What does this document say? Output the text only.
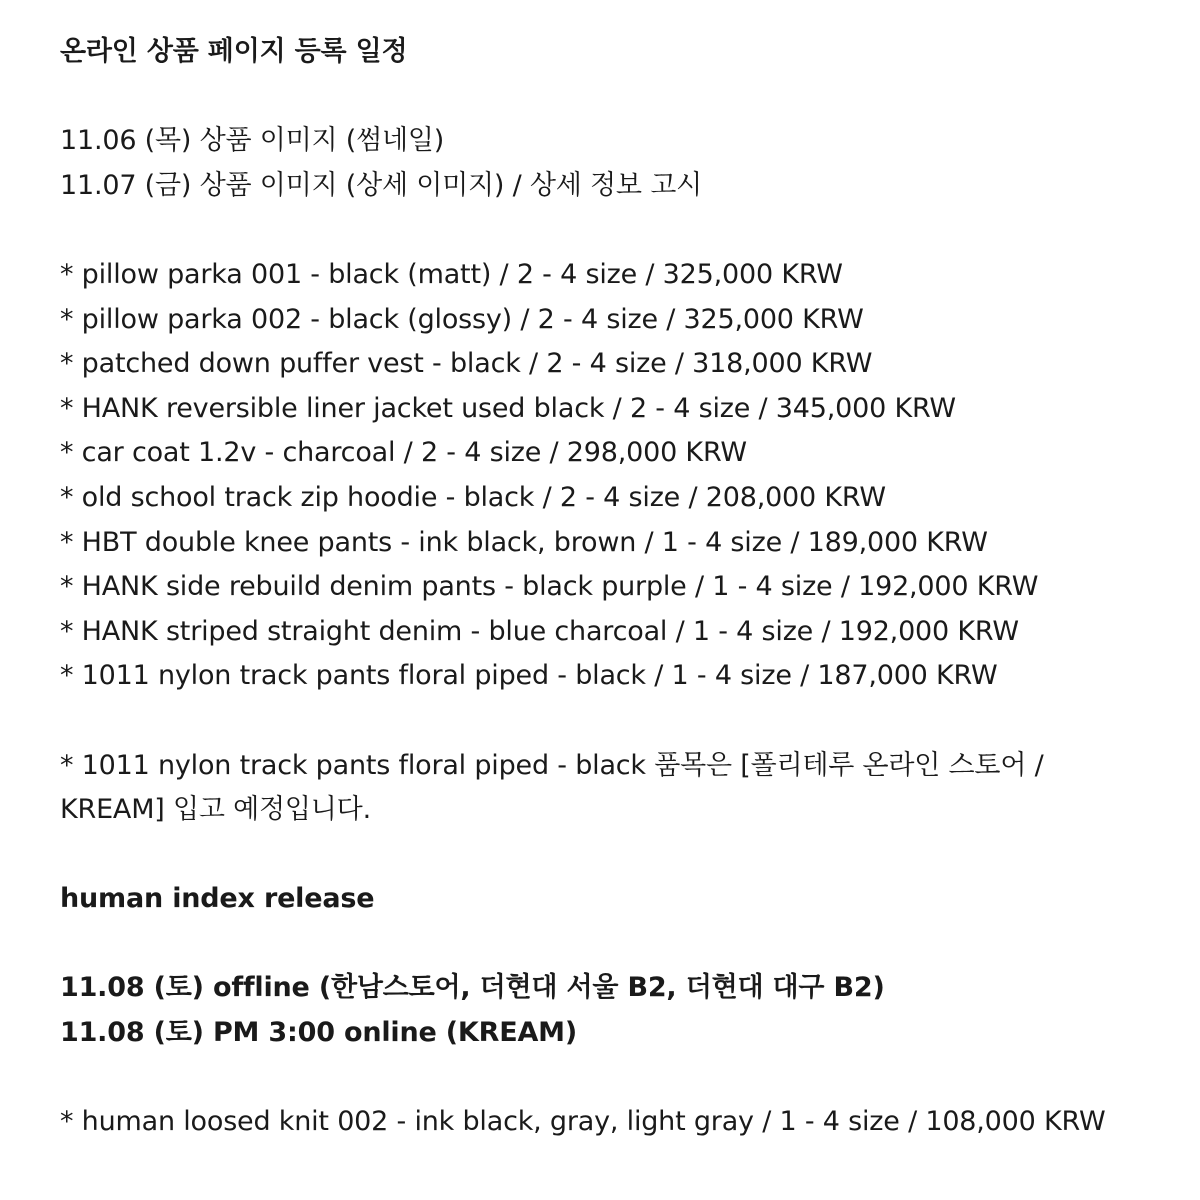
온라인 상품 페이지 등록 일정
11.06 (목) 상품 이미지 (썸네일)
11.07 (금) 상품 이미지 (상세 이미지) / 상세 정보 고시
* pillow parka 001 - black (matt) / 2 - 4 size / 325,000 KRW
* pillow parka 002 - black (glossy) / 2 - 4 size / 325,000 KRW
* patched down puffer vest - black / 2 - 4 size / 318,000 KRW
* HANK reversible liner jacket used black / 2 - 4 size / 345,000 KRW
* car coat 1.2v - charcoal / 2 - 4 size / 298,000 KRW
* old school track zip hoodie - black / 2 - 4 size / 208,000 KRW
* HBT double knee pants - ink black, brown / 1 - 4 size / 189,000 KRW
* HANK side rebuild denim pants - black purple / 1 - 4 size / 192,000 KRW
* HANK striped straight denim - blue charcoal / 1 - 4 size / 192,000 KRW
* 1011 nylon track pants floral piped - black / 1 - 4 size / 187,000 KRW
* 1011 nylon track pants floral piped - black 품목은 [폴리테루 온라인 스토어 /
KREAM] 입고 예정입니다.
human index release
11.08 (토) offline (한남스토어, 더현대 서울 B2, 더현대 대구 B2)
11.08 (토) PM 3:00 online (KREAM)
* human loosed knit 002 - ink black, gray, light gray / 1 - 4 size / 108,000 KRW
